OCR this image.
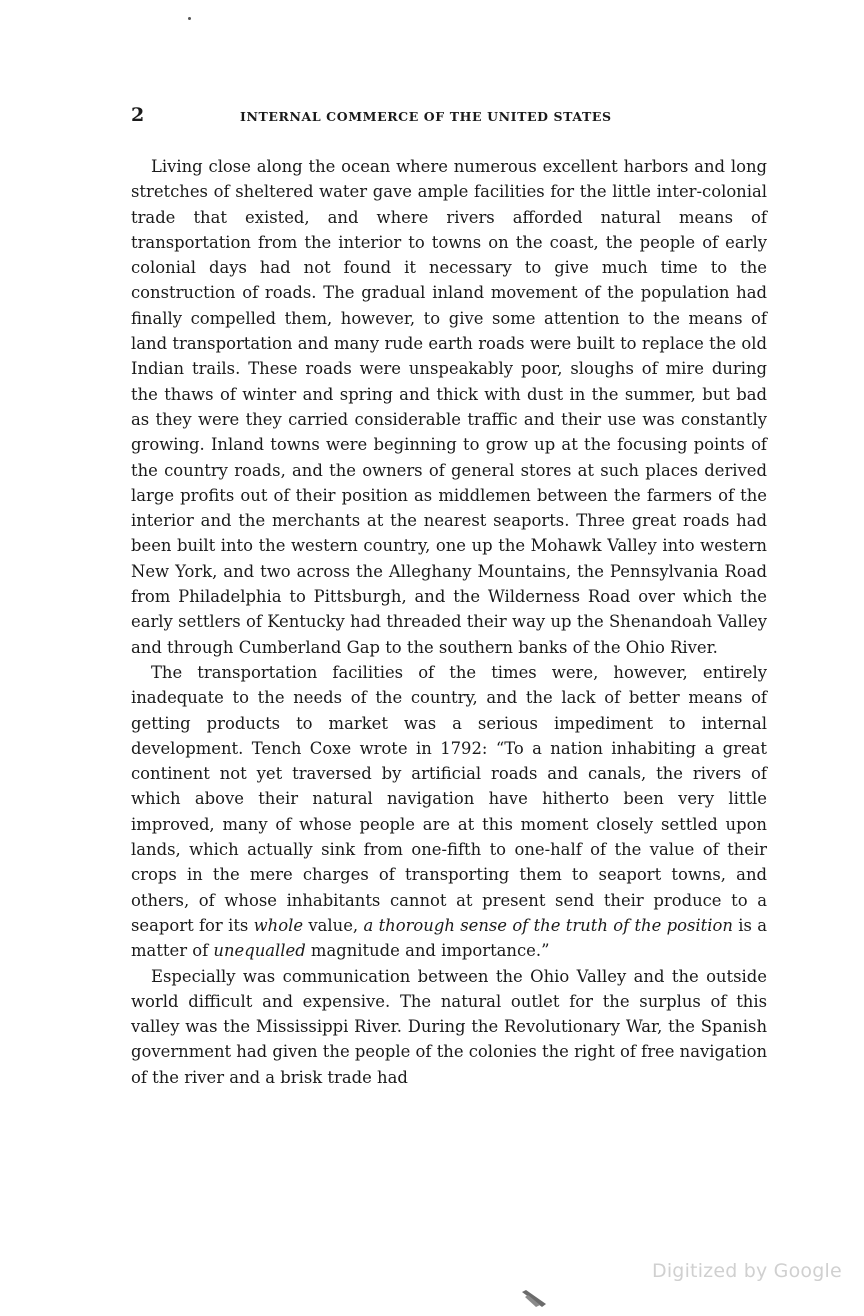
2	INTERNAL COMMERCE OF THE UNITED STATES

Living close along the ocean where numerous excellent harbors and long stretches of sheltered water gave ample facilities for the little inter-colonial trade that existed, and where rivers afforded natural means of transportation from the interior to towns on the coast, the people of early colonial days had not found it necessary to give much time to the construction of roads. The gradual inland movement of the population had finally compelled them, however, to give some attention to the means of land transportation and many rude earth roads were built to replace the old Indian trails. These roads were unspeakably poor, sloughs of mire during the thaws of winter and spring and thick with dust in the summer, but bad as they were they carried considerable traffic and their use was constantly growing. Inland towns were beginning to grow up at the focusing points of the country roads, and the owners of general stores at such places derived large profits out of their position as middlemen between the farmers of the interior and the merchants at the nearest seaports. Three great roads had been built into the western country, one up the Mohawk Valley into western New York, and two across the Alleghany Mountains, the Pennsylvania Road from Philadelphia to Pittsburgh, and the Wilderness Road over which the early settlers of Kentucky had threaded their way up the Shenandoah Valley and through Cumberland Gap to the southern banks of the Ohio River.

The transportation facilities of the times were, however, entirely inadequate to the needs of the country, and the lack of better means of getting products to market was a serious impediment to internal development. Tench Coxe wrote in 1792: “To a nation inhabiting a great continent not yet traversed by artificial roads and canals, the rivers of which above their natural navigation have hitherto been very little improved, many of whose people are at this moment closely settled upon lands, which actually sink from one-fifth to one-half of the value of their crops in the mere charges of transporting them to seaport towns, and others, of whose inhabitants cannot at present send their produce to a seaport for its whole value, a thorough sense of the truth of the position is a matter of unequalled magnitude and importance.”

Especially was communication between the Ohio Valley and the outside world difficult and expensive. The natural outlet for the surplus of this valley was the Mississippi River. During the Revolutionary War, the Spanish government had given the people of the colonies the right of free navigation of the river and a brisk trade had

Digitized by Google
